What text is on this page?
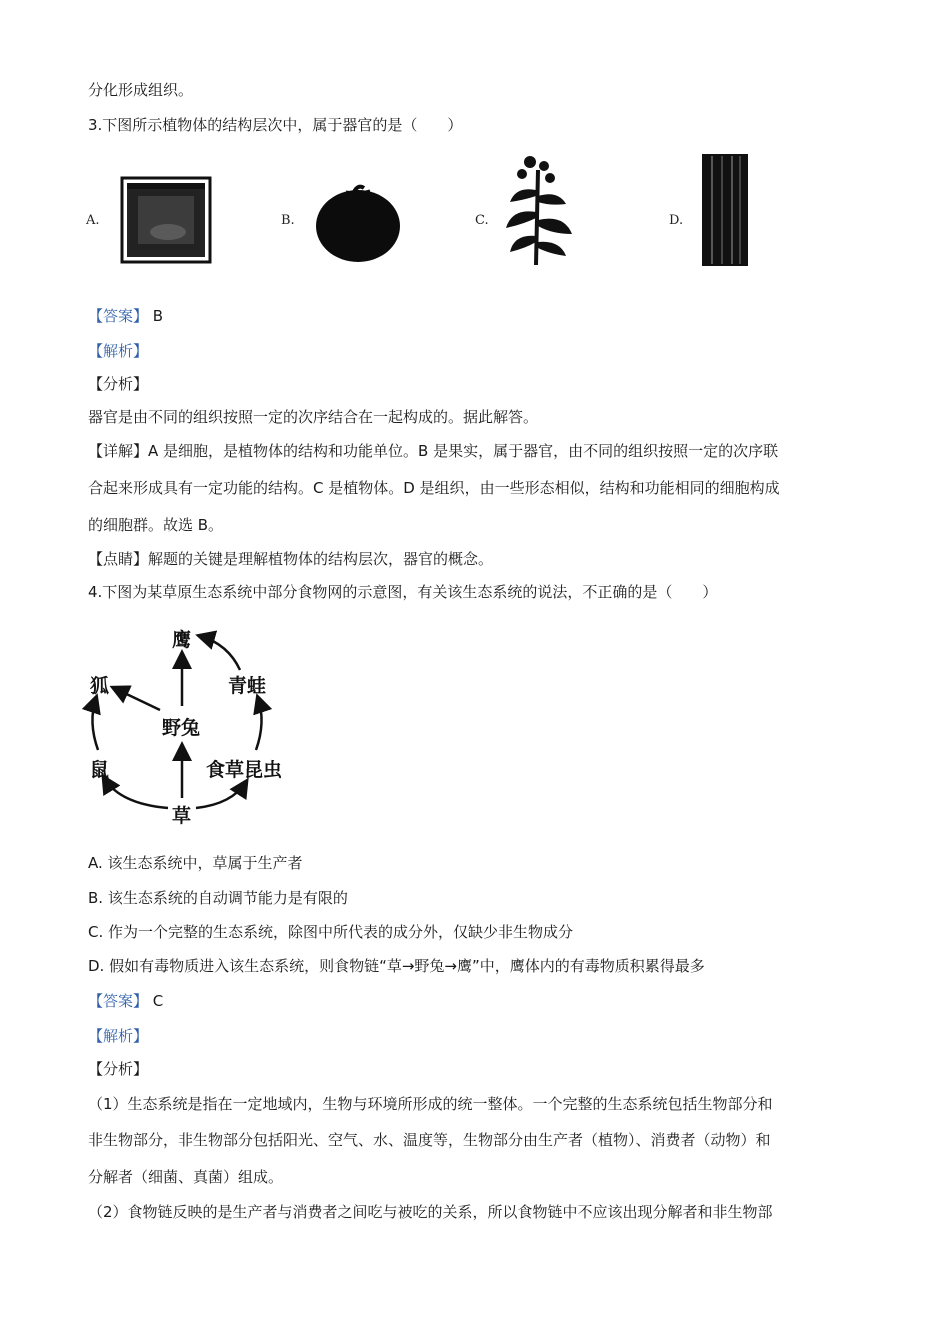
分化形成组织。
3.下图所示植物体的结构层次中，属于器官的是（　　）
A.	B.	C.	D.
【答案】 B
【解析】
【分析】
器官是由不同的组织按照一定的次序结合在一起构成的。据此解答。
【详解】A 是细胞，是植物体的结构和功能单位。B 是果实，属于器官，由不同的组织按照一定的次序联
合起来形成具有一定功能的结构。C 是植物体。D 是组织，由一些形态相似，结构和功能相同的细胞构成
的细胞群。故选 B。
【点睛】解题的关键是理解植物体的结构层次，器官的概念。
4.下图为某草原生态系统中部分食物网的示意图，有关该生态系统的说法，不正确的是（　　）
鹰
狐	青蛙
野兔
鼠	食草昆虫
草
A. 该生态系统中，草属于生产者
B. 该生态系统的自动调节能力是有限的
C. 作为一个完整的生态系统，除图中所代表的成分外，仅缺少非生物成分
D. 假如有毒物质进入该生态系统，则食物链“草→野兔→鹰”中，鹰体内的有毒物质积累得最多
【答案】 C
【解析】
【分析】
（1）生态系统是指在一定地域内，生物与环境所形成的统一整体。一个完整的生态系统包括生物部分和
非生物部分，非生物部分包括阳光、空气、水、温度等，生物部分由生产者（植物）、消费者（动物）和
分解者（细菌、真菌）组成。
（2）食物链反映的是生产者与消费者之间吃与被吃的关系，所以食物链中不应该出现分解者和非生物部
